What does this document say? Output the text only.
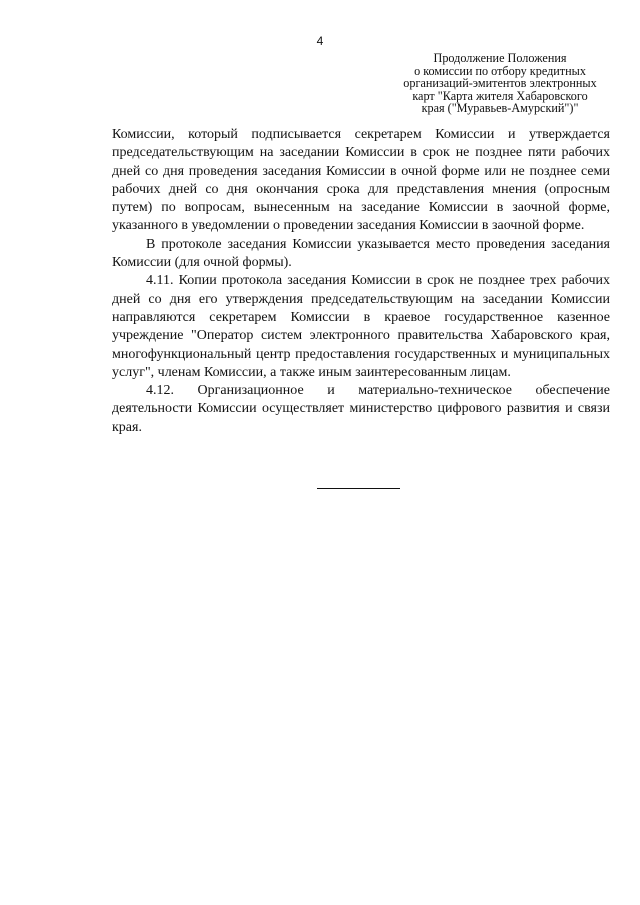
4
Продолжение Положения
о комиссии по отбору кредитных
организаций-эмитентов электронных
карт "Карта жителя Хабаровского
края ("Муравьев-Амурский")"

Комиссии, который подписывается секретарем Комиссии и утверждается председательствующим на заседании Комиссии в срок не позднее пяти рабочих дней со дня проведения заседания Комиссии в очной форме или не позднее семи рабочих дней со дня окончания срока для представления мнения (опросным путем) по вопросам, вынесенным на заседание Комиссии в заочной форме, указанного в уведомлении о проведении заседания Комиссии в заочной форме.

В протоколе заседания Комиссии указывается место проведения заседания Комиссии (для очной формы).

4.11. Копии протокола заседания Комиссии в срок не позднее трех рабочих дней со дня его утверждения председательствующим на заседании Комиссии направляются секретарем Комиссии в краевое государственное казенное учреждение "Оператор систем электронного правительства Хабаровского края, многофункциональный центр предоставления государственных и муниципальных услуг", членам Комиссии, а также иным заинтересованным лицам.

4.12. Организационное и материально-техническое обеспечение деятельности Комиссии осуществляет министерство цифрового развития и связи края.
